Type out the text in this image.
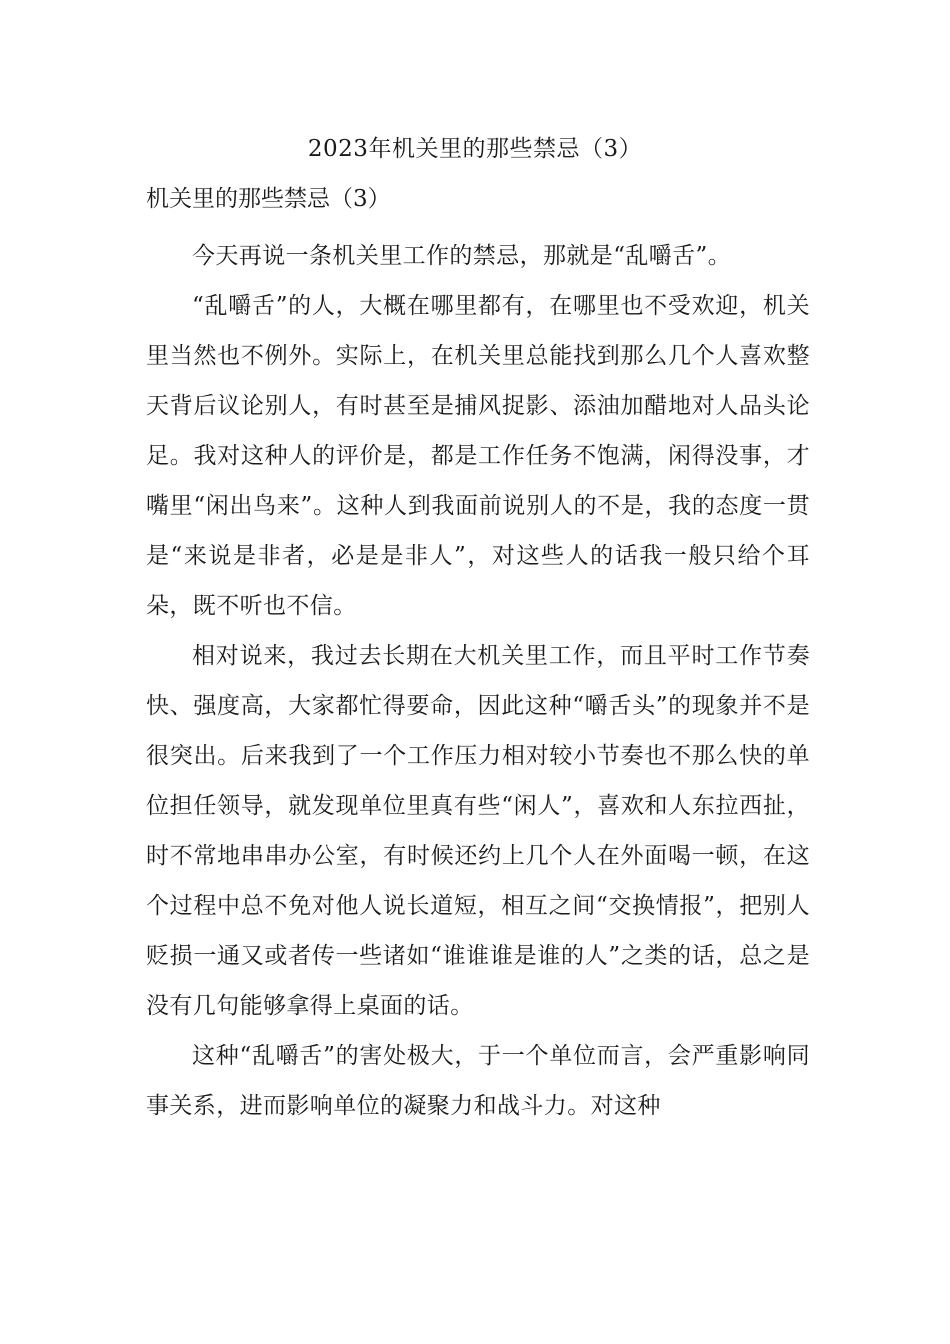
2023年机关里的那些禁忌（3）
机关里的那些禁忌（3）

今天再说一条机关里工作的禁忌，那就是“乱嚼舌”。

“乱嚼舌”的人，大概在哪里都有，在哪里也不受欢迎，机关里当然也不例外。实际上，在机关里总能找到那么几个人喜欢整天背后议论别人，有时甚至是捕风捉影、添油加醋地对人品头论足。我对这种人的评价是，都是工作任务不饱满，闲得没事，才嘴里“闲出鸟来”。这种人到我面前说别人的不是，我的态度一贯是“来说是非者，必是是非人”，对这些人的话我一般只给个耳朵，既不听也不信。

相对说来，我过去长期在大机关里工作，而且平时工作节奏快、强度高，大家都忙得要命，因此这种“嚼舌头”的现象并不是很突出。后来我到了一个工作压力相对较小节奏也不那么快的单位担任领导，就发现单位里真有些“闲人”，喜欢和人东拉西扯，时不常地串串办公室，有时候还约上几个人在外面喝一顿，在这个过程中总不免对他人说长道短，相互之间“交换情报”，把别人贬损一通又或者传一些诸如“谁谁谁是谁的人”之类的话，总之是没有几句能够拿得上桌面的话。

这种“乱嚼舌”的害处极大，于一个单位而言，会严重影响同事关系，进而影响单位的凝聚力和战斗力。对这种
